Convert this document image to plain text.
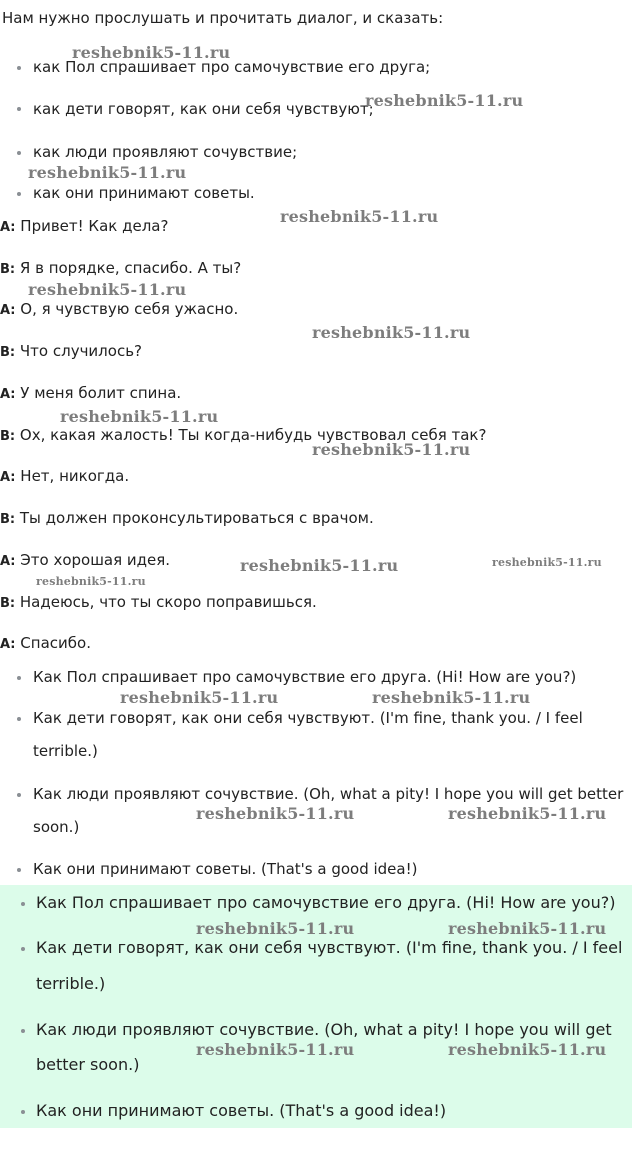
Нам нужно прослушать и прочитать диалог, и сказать:
как Пол спрашивает про самочувствие его друга;
как дети говорят, как они себя чувствуют;
как люди проявляют сочувствие;
как они принимают советы.
A: Привет! Как дела?
B: Я в порядке, спасибо. А ты?
A: О, я чувствую себя ужасно.
B: Что случилось?
A: У меня болит спина.
B: Ох, какая жалость! Ты когда-нибудь чувствовал себя так?
A: Нет, никогда.
B: Ты должен проконсультироваться с врачом.
A: Это хорошая идея.
B: Надеюсь, что ты скоро поправишься.
A: Спасибо.
Как Пол спрашивает про самочувствие его друга. (Hi! How are you?)
Как дети говорят, как они себя чувствуют. (I'm fine, thank you. / I feel
terrible.)
Как люди проявляют сочувствие. (Oh, what a pity! I hope you will get better
soon.)
Как они принимают советы. (That's a good idea!)
Как Пол спрашивает про самочувствие его друга. (Hi! How are you?)
Как дети говорят, как они себя чувствуют. (I'm fine, thank you. / I feel
terrible.)
Как люди проявляют сочувствие. (Oh, what a pity! I hope you will get
better soon.)
Как они принимают советы. (That's a good idea!)
reshebnik5-11.ru
reshebnik5-11.ru
reshebnik5-11.ru
reshebnik5-11.ru
reshebnik5-11.ru
reshebnik5-11.ru
reshebnik5-11.ru
reshebnik5-11.ru
reshebnik5-11.ru	reshebnik5-11.ru
reshebnik5-11.ru
reshebnik5-11.ru	reshebnik5-11.ru
reshebnik5-11.ru	reshebnik5-11.ru
reshebnik5-11.ru	reshebnik5-11.ru
reshebnik5-11.ru	reshebnik5-11.ru
